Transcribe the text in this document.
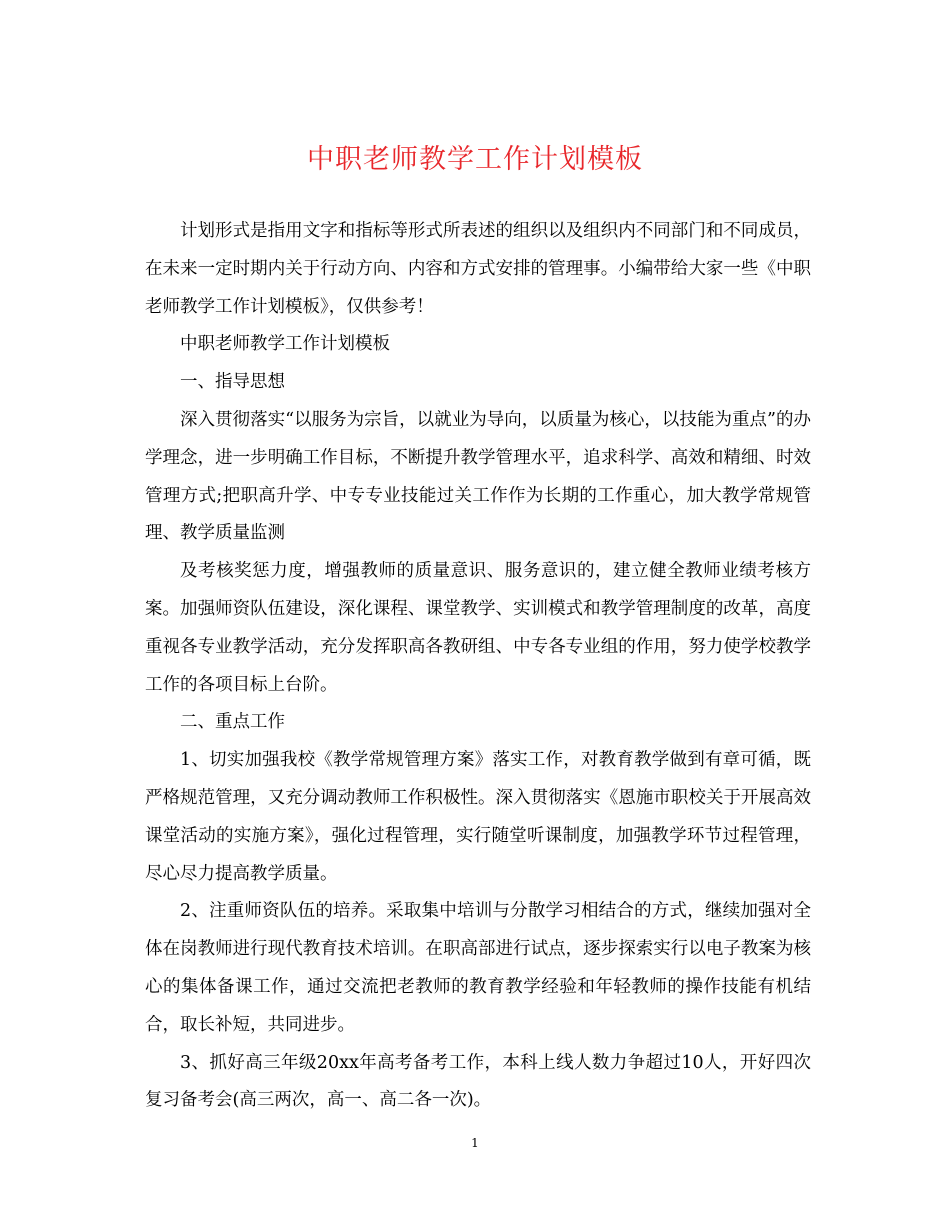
中职老师教学工作计划模板

计划形式是指用文字和指标等形式所表述的组织以及组织内不同部门和不同成员，在未来一定时期内关于行动方向、内容和方式安排的管理事。小编带给大家一些《中职老师教学工作计划模板》，仅供参考！

中职老师教学工作计划模板

一、指导思想

深入贯彻落实“以服务为宗旨，以就业为导向，以质量为核心，以技能为重点”的办学理念，进一步明确工作目标，不断提升教学管理水平，追求科学、高效和精细、时效管理方式;把职高升学、中专专业技能过关工作作为长期的工作重心，加大教学常规管理、教学质量监测

及考核奖惩力度，增强教师的质量意识、服务意识的，建立健全教师业绩考核方案。加强师资队伍建设，深化课程、课堂教学、实训模式和教学管理制度的改革，高度重视各专业教学活动，充分发挥职高各教研组、中专各专业组的作用，努力使学校教学工作的各项目标上台阶。

二、重点工作

1、切实加强我校《教学常规管理方案》落实工作，对教育教学做到有章可循，既严格规范管理，又充分调动教师工作积极性。深入贯彻落实《恩施市职校关于开展高效课堂活动的实施方案》，强化过程管理，实行随堂听课制度，加强教学环节过程管理，尽心尽力提高教学质量。

2、注重师资队伍的培养。采取集中培训与分散学习相结合的方式，继续加强对全体在岗教师进行现代教育技术培训。在职高部进行试点，逐步探索实行以电子教案为核心的集体备课工作，通过交流把老教师的教育教学经验和年轻教师的操作技能有机结合，取长补短，共同进步。

3、抓好高三年级20xx年高考备考工作，本科上线人数力争超过10人，开好四次复习备考会(高三两次，高一、高二各一次)。

1
